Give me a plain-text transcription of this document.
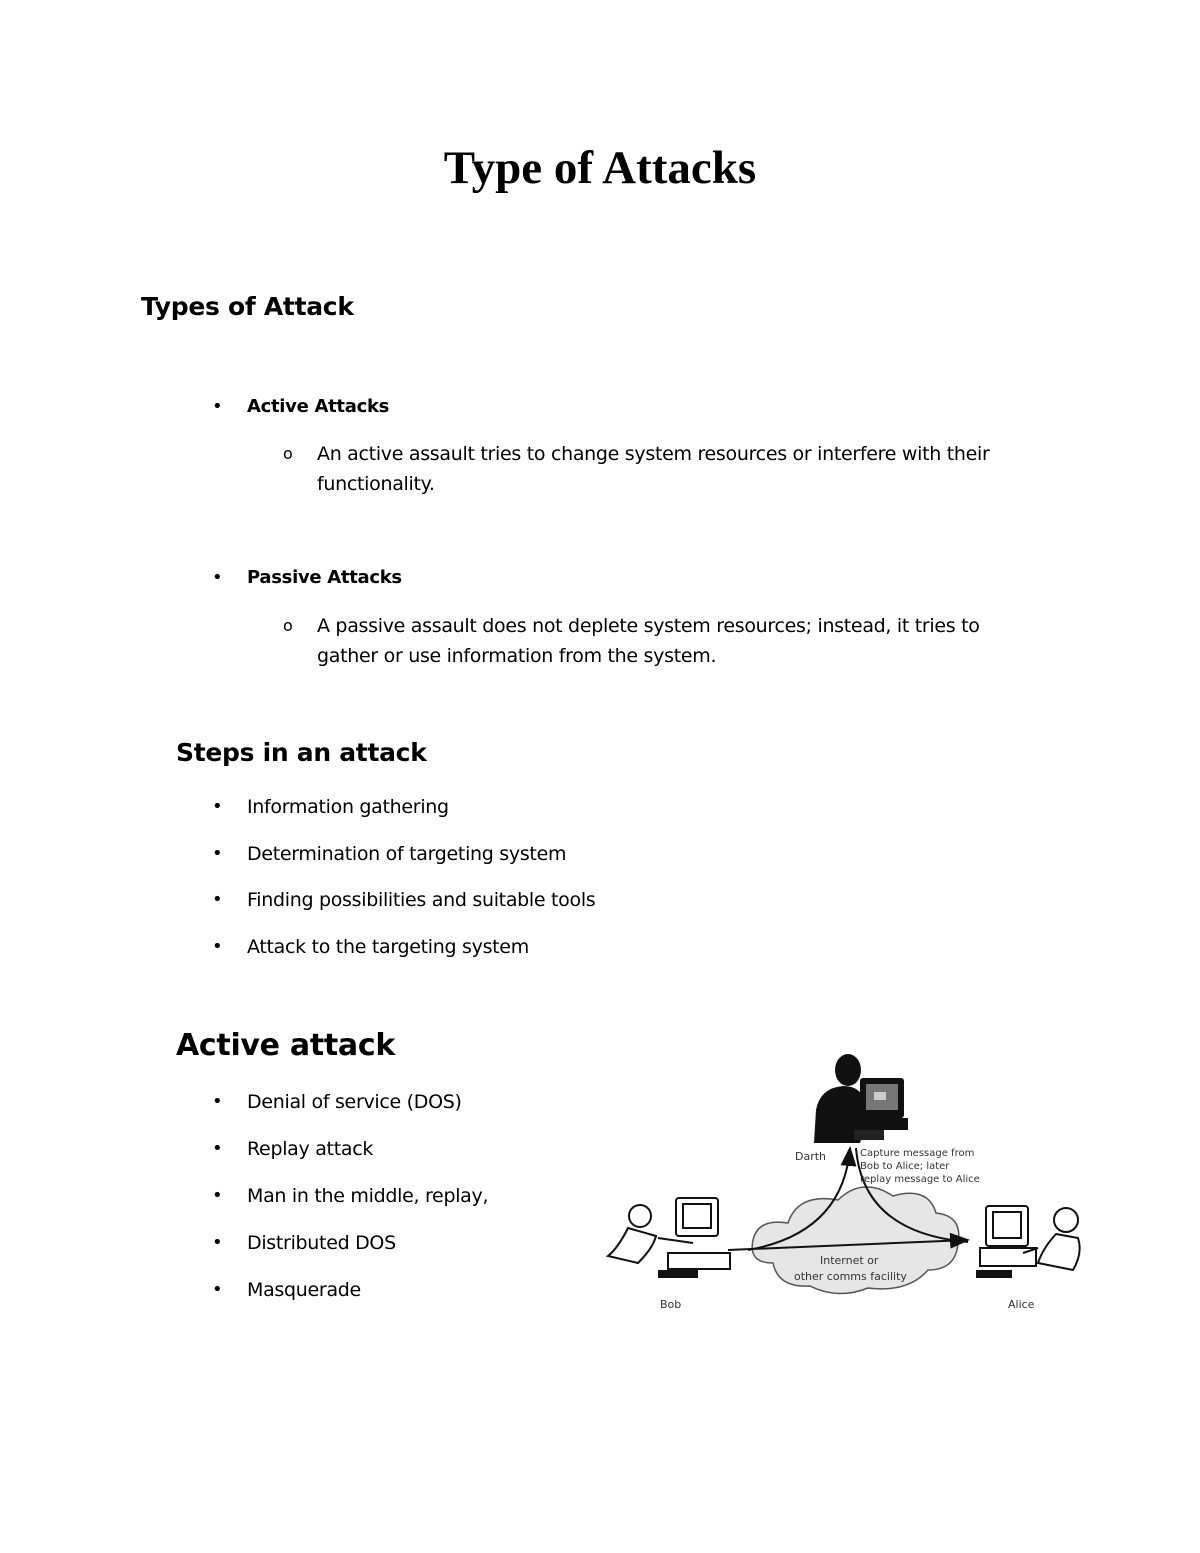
Type of Attacks
Types of Attack
• Active Attacks
o An active assault tries to change system resources or interfere with their
functionality.
• Passive Attacks
o A passive assault does not deplete system resources; instead, it tries to
gather or use information from the system.
Steps in an attack
• Information gathering
• Determination of targeting system
• Finding possibilities and suitable tools
• Attack to the targeting system
Active attack
• Denial of service (DOS)
• Replay attack
• Man in the middle, replay,
• Distributed DOS
• Masquerade
Darth	Capture message from
Bob to Alice; later
replay message to Alice
Internet or
other comms facility
Bob	Alice
